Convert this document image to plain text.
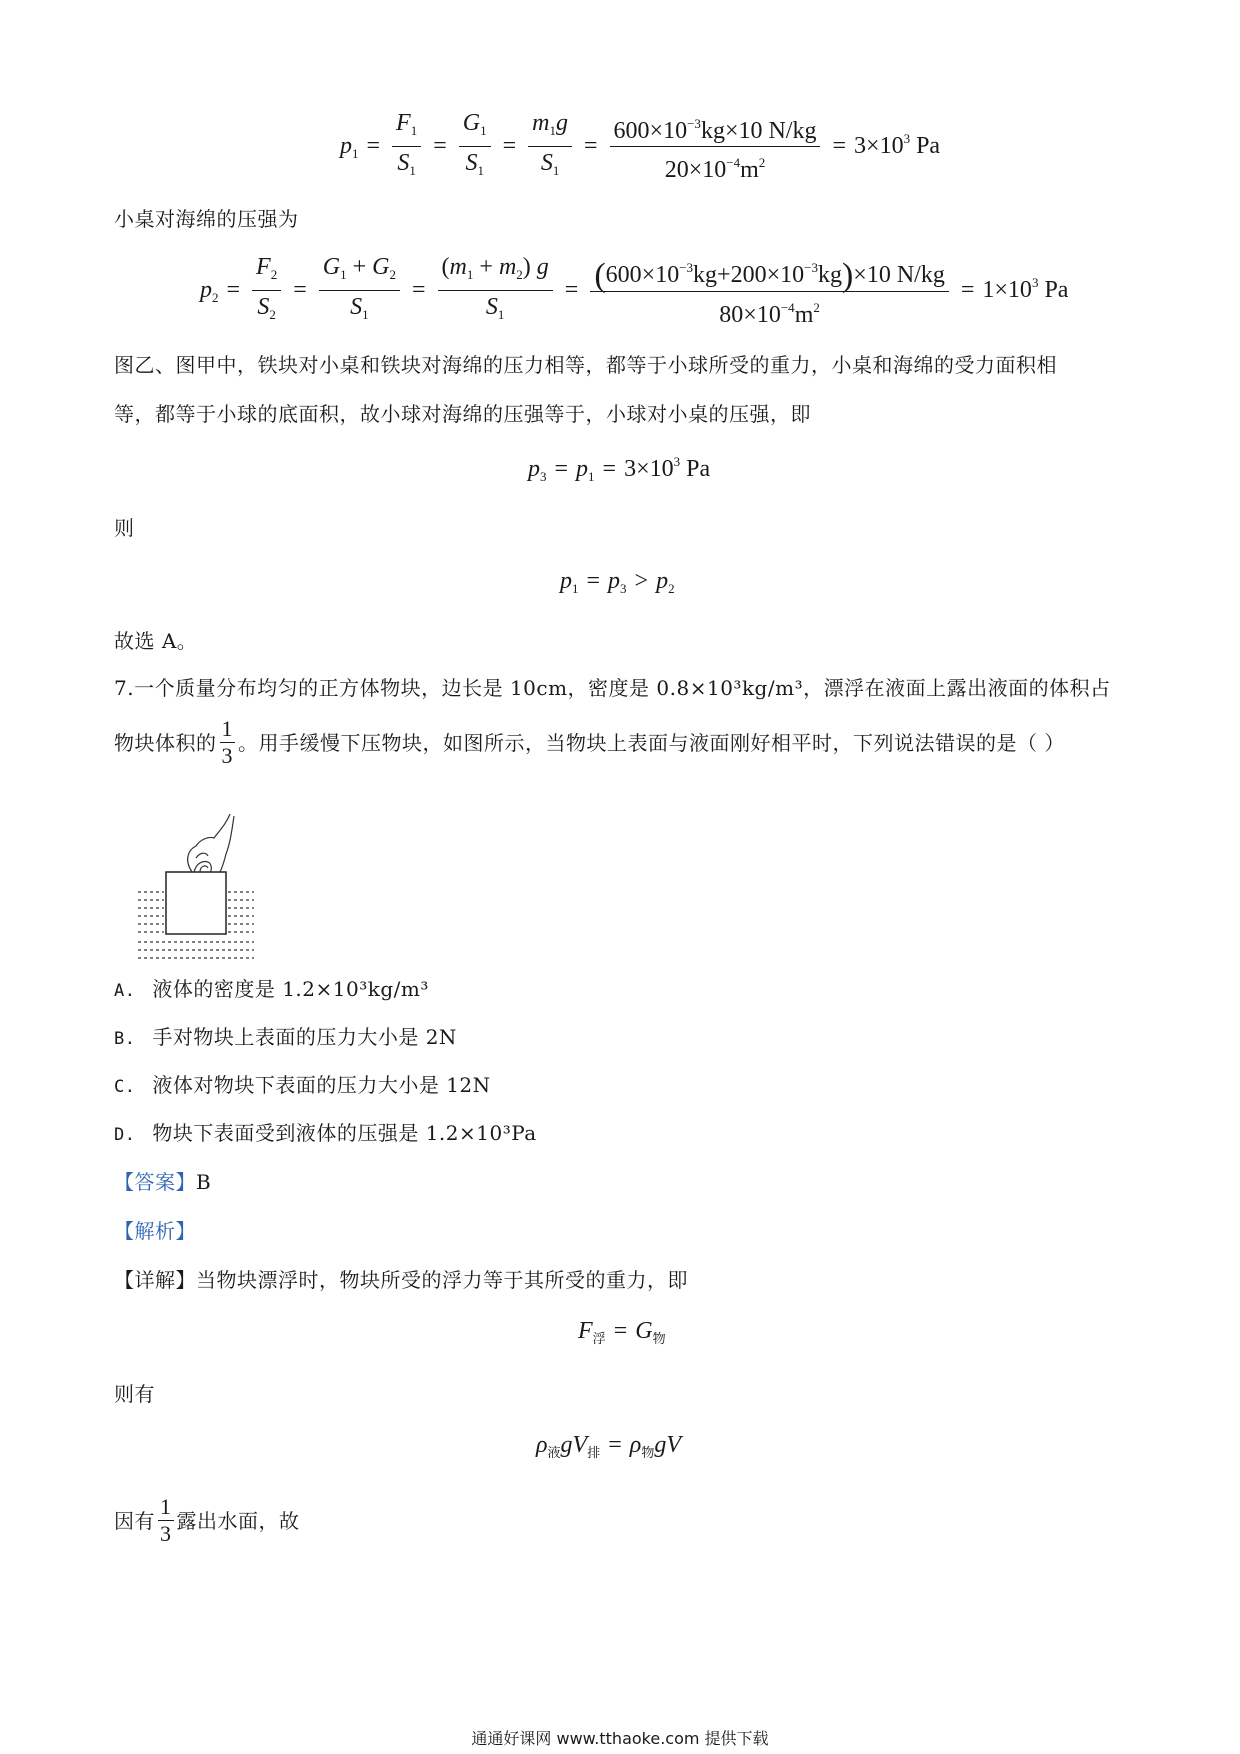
$p_1 = \frac{F_1}{S_1} = \frac{G_1}{S_1} = \frac{m_1g}{S_1} = \frac{600\times 10^{-3}kg\times 10 N/kg}{20\times 10^{-4}m^2} = 3\times 10^3$ Pa
小桌对海绵的压强为
$p_2 = \frac{F_2}{S_2} = \frac{G_1 + G_2}{S_1} = \frac{(m_1 + m_2) g}{S_1} = \frac{(600\times 10^{-3}kg+200\times 10^{-3}kg)\times 10 N/kg}{80\times 10^{-4}m^2} = 1\times 10^3$ Pa
图乙、图甲中，铁块对小桌和铁块对海绵的压力相等，都等于小球所受的重力，小桌和海绵的受力面积相
等，都等于小球的底面积，故小球对海绵的压强等于，小球对小桌的压强，即
$p_3 = p_1 = 3\times 10^3$ Pa
则
$p_1 = p_3 > p_2$
故选 A。
7.一个质量分布均匀的正方体物块，边长是 10cm，密度是 0.8×10³kg/m³，漂浮在液面上露出液面的体积占
物块体积的 $\frac{1}{3}$ 。用手缓慢下压物块，如图所示，当物块上表面与液面刚好相平时，下列说法错误的是（ ）
A. 液体的密度是 1.2×10³kg/m³
B. 手对物块上表面的压力大小是 2N
C. 液体对物块下表面的压力大小是 12N
D. 物块下表面受到液体的压强是 1.2×10³Pa
【答案】B
【解析】
【详解】当物块漂浮时，物块所受的浮力等于其所受的重力，即
$F_浮 = G_物$
则有
$\rho_液gV_排 = \rho_物gV$
因有 $\frac{1}{3}$ 露出水面，故
通通好课网 www.tthaoke.com 提供下载
